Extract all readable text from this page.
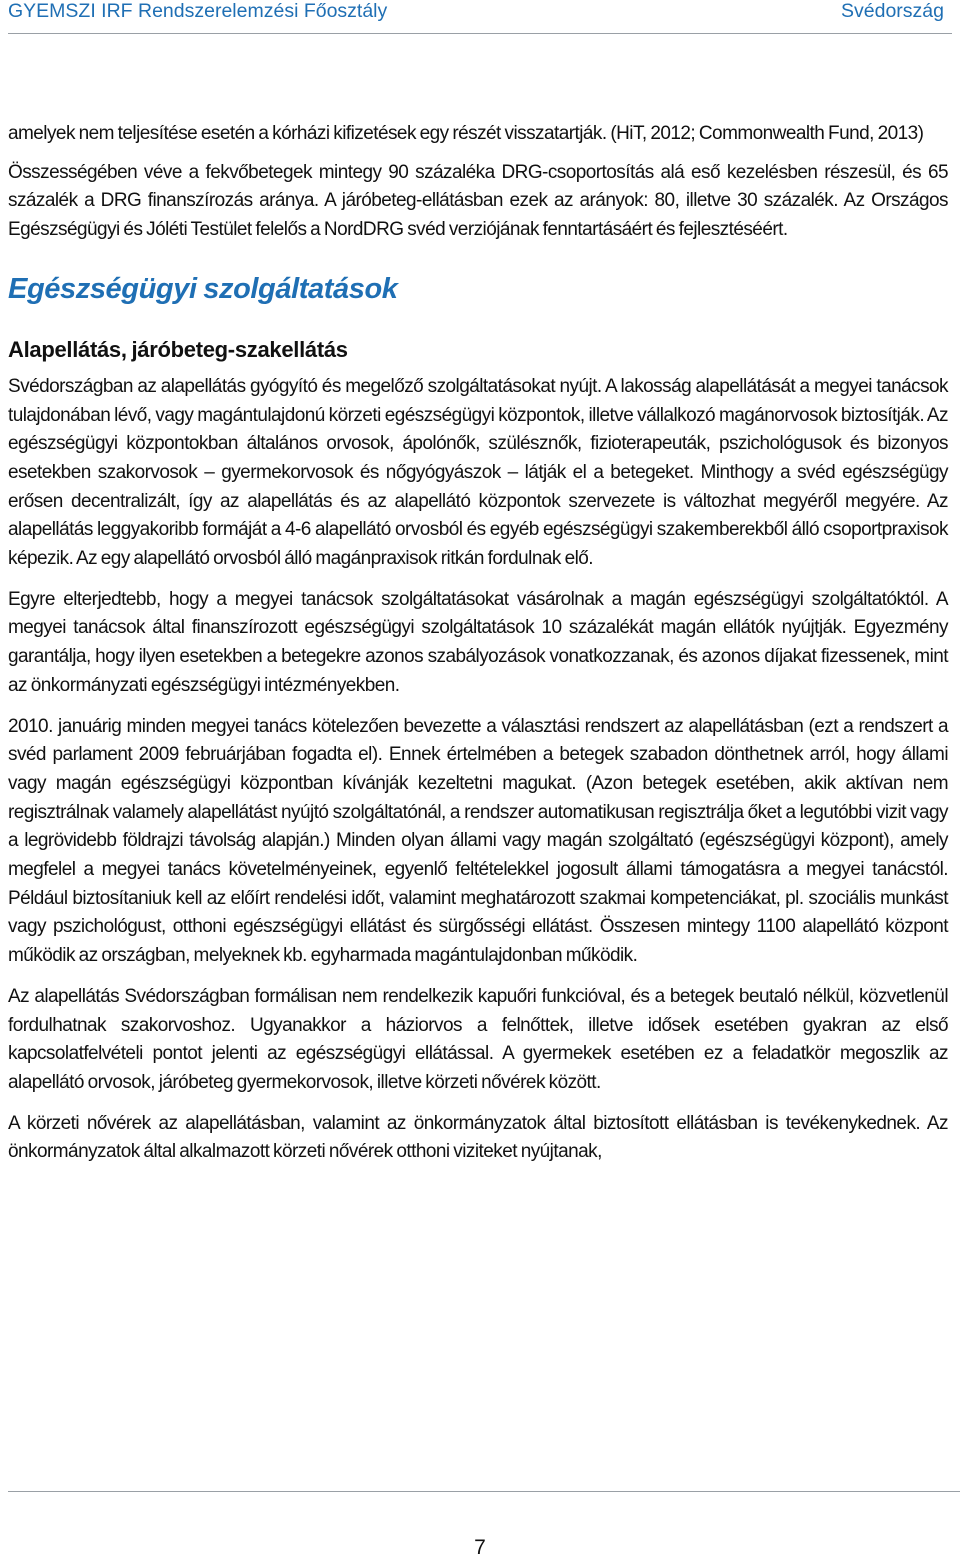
GYEMSZI IRF Rendszerelemzési Főosztály	Svédország

amelyek nem teljesítése esetén a kórházi kifizetések egy részét visszatartják. (HiT, 2012; Commonwealth Fund, 2013)

Összességében véve a fekvőbetegek mintegy 90 százaléka DRG-csoportosítás alá eső kezelésben részesül, és 65 százalék a DRG finanszírozás aránya. A járóbeteg-ellátásban ezek az arányok: 80, illetve 30 százalék. Az Országos Egészségügyi és Jóléti Testület felelős a NordDRG svéd verziójának fenntartásáért és fejlesztéséért.

Egészségügyi szolgáltatások
Alapellátás, járóbeteg-szakellátás

Svédországban az alapellátás gyógyító és megelőző szolgáltatásokat nyújt. A lakosság alapellátását a megyei tanácsok tulajdonában lévő, vagy magántulajdonú körzeti egészségügyi központok, illetve vállalkozó magánorvosok biztosítják. Az egészségügyi központokban általános orvosok, ápolónők, szülésznők, fizioterapeuták, pszichológusok és bizonyos esetekben szakorvosok – gyermekorvosok és nőgyógyászok – látják el a betegeket. Minthogy a svéd egészségügy erősen decentralizált, így az alapellátás és az alapellátó központok szervezete is változhat megyéről megyére. Az alapellátás leggyakoribb formáját a 4-6 alapellátó orvosból és egyéb egészségügyi szakemberekből álló csoportpraxisok képezik. Az egy alapellátó orvosból álló magánpraxisok ritkán fordulnak elő.

Egyre elterjedtebb, hogy a megyei tanácsok szolgáltatásokat vásárolnak a magán egészségügyi szolgáltatóktól. A megyei tanácsok által finanszírozott egészségügyi szolgáltatások 10 százalékát magán ellátók nyújtják. Egyezmény garantálja, hogy ilyen esetekben a betegekre azonos szabályozások vonatkozzanak, és azonos díjakat fizessenek, mint az önkormányzati egészségügyi intézményekben.

2010. januárig minden megyei tanács kötelezően bevezette a választási rendszert az alapellátásban (ezt a rendszert a svéd parlament 2009 februárjában fogadta el). Ennek értelmében a betegek szabadon dönthetnek arról, hogy állami vagy magán egészségügyi központban kívánják kezeltetni magukat. (Azon betegek esetében, akik aktívan nem regisztrálnak valamely alapellátást nyújtó szolgáltatónál, a rendszer automatikusan regisztrálja őket a legutóbbi vizit vagy a legrövidebb földrajzi távolság alapján.) Minden olyan állami vagy magán szolgáltató (egészségügyi központ), amely megfelel a megyei tanács követelményeinek, egyenlő feltételekkel jogosult állami támogatásra a megyei tanácstól. Például biztosítaniuk kell az előírt rendelési időt, valamint meghatározott szakmai kompetenciákat, pl. szociális munkást vagy pszichológust, otthoni egészségügyi ellátást és sürgősségi ellátást. Összesen mintegy 1100 alapellátó központ működik az országban, melyeknek kb. egyharmada magántulajdonban működik.

Az alapellátás Svédországban formálisan nem rendelkezik kapuőri funkcióval, és a betegek beutaló nélkül, közvetlenül fordulhatnak szakorvoshoz. Ugyanakkor a háziorvos a felnőttek, illetve idősek esetében gyakran az első kapcsolatfelvételi pontot jelenti az egészségügyi ellátással. A gyermekek esetében ez a feladatkör megoszlik az alapellátó orvosok, járóbeteg gyermekorvosok, illetve körzeti nővérek között.

A körzeti nővérek az alapellátásban, valamint az önkormányzatok által biztosított ellátásban is tevékenykednek. Az önkormányzatok által alkalmazott körzeti nővérek otthoni viziteket nyújtanak,

7
